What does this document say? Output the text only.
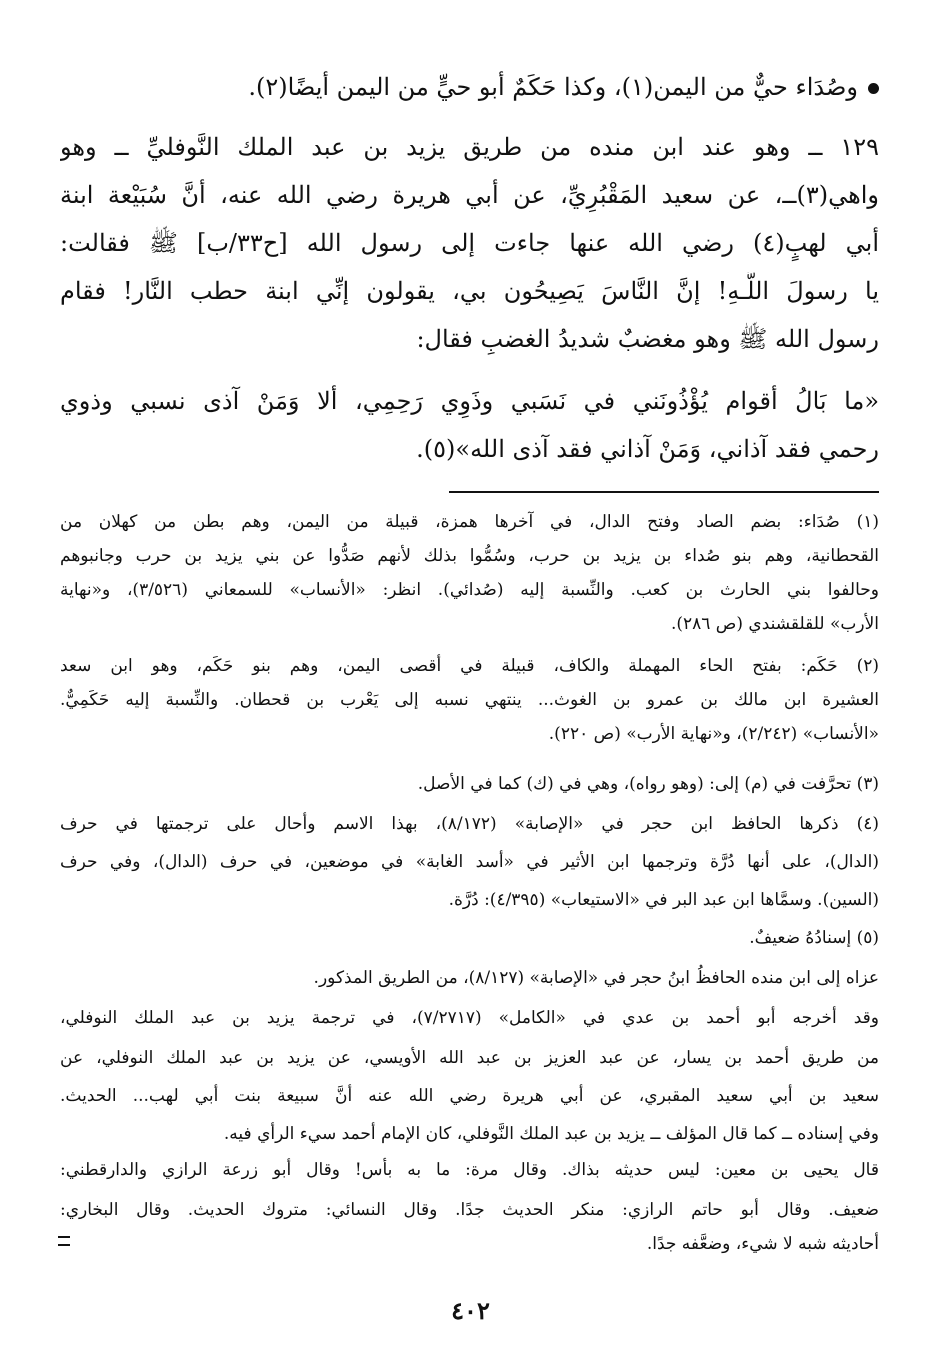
وصُدَاء حيٌّ من اليمن(١)، وكذا حَكَمٌ أبو حيٍّ من اليمن أيضًا(٢).
١٢٩ ــ وهو عند ابن منده من طريق يزيد بن عبد الملك النَّوفليِّ ــ وهو
واهي(٣)ــ، عن سعيد المَقْبُرِيِّ، عن أبي هريرة رضي الله عنه، أنَّ سُبَيْعة ابنة
أبي لهبٍ(٤) رضي الله عنها جاءت إلى رسول الله [ح٣٣/ب] ﷺ فقالت:
يا رسولَ اللَّـهِ! إنَّ النَّاسَ يَصِيحُون بي، يقولون إنِّي ابنة حطب النَّار! فقام
رسول الله ﷺ وهو مغضبٌ شديدُ الغضبِ فقال:
«ما بَالُ أقوام يُؤْذُونَني في نَسَبي وذَوِي رَحِمِي، ألا وَمَنْ آذى نسبي وذوي
رحمي فقد آذاني، وَمَنْ آذاني فقد آذى الله»(٥).
(١) صُدَاء: بضم الصاد وفتح الدال، في آخرها همزة، قبيلة من اليمن، وهم بطن من كهلان من
القحطانية، وهم بنو صُداء بن يزيد بن حرب، وسُمُّوا بذلك لأنهم صَدُّوا عن بني يزيد بن حرب وجانبوهم
وحالفوا بني الحارث بن كعب. والنِّسبة إليه (صُدائي). انظر: «الأنساب» للسمعاني (٣/٥٢٦)، و«نهاية
الأرب» للقلقشندي (ص ٢٨٦).
(٢) حَكَم: بفتح الحاء المهملة والكاف، قبيلة في أقصى اليمن، وهم بنو حَكَم، وهو ابن سعد
العشيرة ابن مالك بن عمرو بن الغوث... ينتهي نسبه إلى يَعْرب بن قحطان. والنِّسبة إليه حَكَمِيٌّ.
«الأنساب» (٢/٢٤٢)، و«نهاية الأرب» (ص ٢٢٠).
(٣) تحرَّفت في (م) إلى: (وهو رواه)، وهي في (ك) كما في الأصل.
(٤) ذكرها الحافظ ابن حجر في «الإصابة» (٨/١٧٢)، بهذا الاسم وأحال على ترجمتها في حرف
(الدال)، على أنها دُرَّة وترجمها ابن الأثير في «أسد الغابة» في موضعين، في حرف (الدال)، وفي حرف
(السين). وسمَّاها ابن عبد البر في «الاستيعاب» (٤/٣٩٥): دُرَّة.
(٥) إسنادُهُ ضعيفٌ.
عزاه إلى ابن منده الحافظُ ابنُ حجر في «الإصابة» (٨/١٢٧)، من الطريق المذكور.
وقد أخرجه أبو أحمد بن عدي في «الكامل» (٧/٢٧١٧)، في ترجمة يزيد بن عبد الملك النوفلي،
من طريق أحمد بن يسار، عن عبد العزيز بن عبد الله الأويسي، عن يزيد بن عبد الملك النوفلي، عن
سعيد بن أبي سعيد المقبري، عن أبي هريرة رضي الله عنه أنَّ سبيعة بنت أبي لهب... الحديث.
وفي إسناده ــ كما قال المؤلف ــ يزيد بن عبد الملك النَّوفلي، كان الإمام أحمد سيء الرأي فيه.
قال يحيى بن معين: ليس حديثه بذاك. وقال مرة: ما به بأس! وقال أبو زرعة الرازي والدارقطني:
ضعيف. وقال أبو حاتم الرازي: منكر الحديث جدًا. وقال النسائي: متروك الحديث. وقال البخاري:
أحاديثه شبه لا شيء، وضعَّفه جدًا.
٤٠٢
